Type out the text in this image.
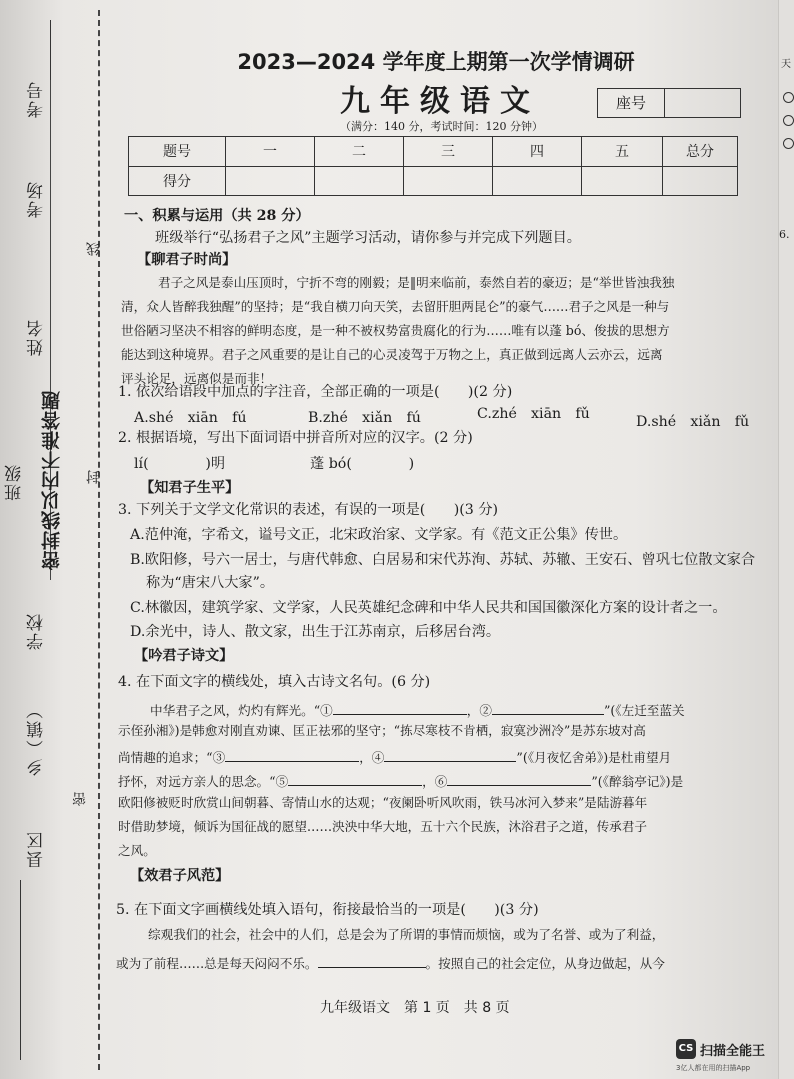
考号
考场
姓名
班级
学校
乡（镇）
县区
密封线以内不准答题
线
封
密
2023—2024 学年度上期第一次学情调研
九年级语文	座号
（满分：140 分，考试时间：120 分钟）
题号	一	二	三	四	五	总分
得分						
一、积累与运用（共 28 分）
班级举行“弘扬君子之风”主题学习活动，请你参与并完成下列题目。
【聊君子时尚】
君子之风是泰山压顶时，宁折不弯的刚毅；是‖明来临前，泰然自若的豪迈；是“举世皆浊我独
清，众人皆醉我独醒”的坚持；是“我自横刀向天笑，去留肝胆两昆仑”的豪气……君子之风是一种与
世俗陋习坚决不相容的鲜明态度，是一种不被权势富贵腐化的行为……唯有以蓬 bó、俊拔的思想方
能达到这种境界。君子之风重要的是让自己的心灵凌驾于万物之上，真正做到远离人云亦云，远离
评头论足，远离似是而非！
1. 依次给语段中加点的字注音，全部正确的一项是(　　)(2 分)
A.shé　xiān　fú	B.zhé　xiǎn　fú	C.zhé　xiān　fǔ	D.shé　xiǎn　fǔ
2. 根据语境，写出下面词语中拼音所对应的汉字。(2 分)
lí(　　　　)明	蓬 bó(　　　　)
【知君子生平】
3. 下列关于文学文化常识的表述，有误的一项是(　　)(3 分)
A.范仲淹，字希文，谥号文正，北宋政治家、文学家。有《范文正公集》传世。
B.欧阳修，号六一居士，与唐代韩愈、白居易和宋代苏洵、苏轼、苏辙、王安石、曾巩七位散文家合
称为“唐宋八大家”。
C.林徽因，建筑学家、文学家，人民英雄纪念碑和中华人民共和国国徽深化方案的设计者之一。
D.余光中，诗人、散文家，出生于江苏南京，后移居台湾。
【吟君子诗文】
4. 在下面文字的横线处，填入古诗文名句。(6 分)
中华君子之风，灼灼有辉光。“①	，②	”(《左迁至蓝关
示侄孙湘》)是韩愈对刚直劝谏、匡正祛邪的坚守；“拣尽寒枝不肯栖，寂寞沙洲冷”是苏东坡对高
尚情趣的追求；“③	，④	”(《月夜忆舍弟》)是杜甫望月
抒怀，对远方亲人的思念。“⑤	，⑥	”(《醉翁亭记》)是
欧阳修被贬时欣赏山间朝暮、寄情山水的达观；“夜阑卧听风吹雨，铁马冰河入梦来”是陆游暮年
时借助梦境，倾诉为国征战的愿望……泱泱中华大地，五十六个民族，沐浴君子之道，传承君子
之风。
【效君子风范】
5. 在下面文字画横线处填入语句，衔接最恰当的一项是(　　)(3 分)
综观我们的社会，社会中的人们，总是会为了所谓的事情而烦恼，或为了名誉、或为了利益，
或为了前程……总是每天闷闷不乐。	。按照自己的社会定位，从身边做起，从今
九年级语文　第 1 页　共 8 页
天
6.
CS 扫描全能王
3亿人都在用的扫描App
